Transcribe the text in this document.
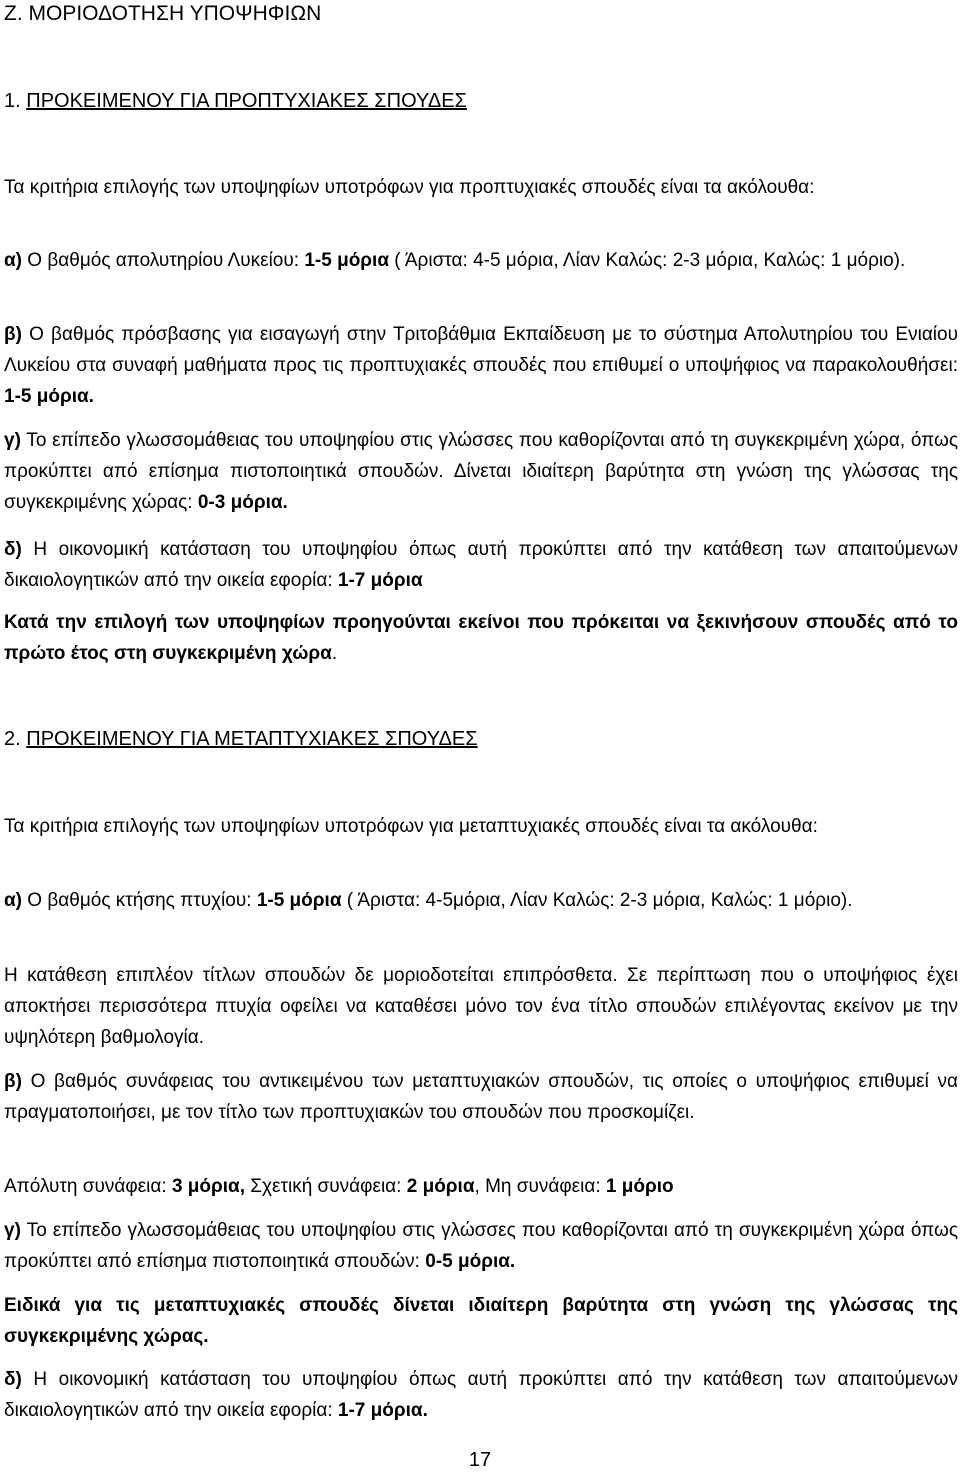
Ζ. ΜΟΡΙΟΔΟΤΗΣΗ ΥΠΟΨΗΦΙΩΝ

1. ΠΡΟΚΕΙΜΕΝΟΥ ΓΙΑ ΠΡΟΠΤΥΧΙΑΚΕΣ ΣΠΟΥΔΕΣ

Τα κριτήρια επιλογής των υποψηφίων υποτρόφων για προπτυχιακές σπουδές είναι τα ακόλουθα:

α) Ο βαθμός απολυτηρίου Λυκείου: 1-5 μόρια ( Άριστα: 4-5 μόρια, Λίαν Καλώς: 2-3 μόρια, Καλώς: 1 μόριο).

β) Ο βαθμός πρόσβασης για εισαγωγή στην Τριτοβάθμια Εκπαίδευση με το σύστημα Απολυτηρίου του Ενιαίου Λυκείου στα συναφή μαθήματα προς τις προπτυχιακές σπουδές που επιθυμεί ο υποψήφιος να παρακολουθήσει: 1-5 μόρια.

γ) Το επίπεδο γλωσσομάθειας του υποψηφίου στις γλώσσες που καθορίζονται από τη συγκεκριμένη χώρα, όπως προκύπτει από επίσημα πιστοποιητικά σπουδών. Δίνεται ιδιαίτερη βαρύτητα στη γνώση της γλώσσας της συγκεκριμένης χώρας: 0-3 μόρια.

δ) Η οικονομική κατάσταση του υποψηφίου όπως αυτή προκύπτει από την κατάθεση των απαιτούμενων δικαιολογητικών από την οικεία εφορία: 1-7 μόρια

Κατά την επιλογή των υποψηφίων προηγούνται εκείνοι που πρόκειται να ξεκινήσουν σπουδές από το πρώτο έτος στη συγκεκριμένη χώρα.

2. ΠΡΟΚΕΙΜΕΝΟΥ ΓΙΑ ΜΕΤΑΠΤΥΧΙΑΚΕΣ ΣΠΟΥΔΕΣ

Τα κριτήρια επιλογής των υποψηφίων υποτρόφων για μεταπτυχιακές σπουδές είναι τα ακόλουθα:

α) Ο βαθμός κτήσης πτυχίου: 1-5 μόρια ( Άριστα: 4-5μόρια, Λίαν Καλώς: 2-3 μόρια, Καλώς: 1 μόριο).

Η κατάθεση επιπλέον τίτλων σπουδών δε μοριοδοτείται επιπρόσθετα. Σε περίπτωση που ο υποψήφιος έχει αποκτήσει περισσότερα πτυχία οφείλει να καταθέσει μόνο τον ένα τίτλο σπουδών επιλέγοντας εκείνον με την υψηλότερη βαθμολογία.

β) Ο βαθμός συνάφειας του αντικειμένου των μεταπτυχιακών σπουδών, τις οποίες ο υποψήφιος επιθυμεί να πραγματοποιήσει, με τον τίτλο των προπτυχιακών του σπουδών που προσκομίζει.

Απόλυτη συνάφεια: 3 μόρια, Σχετική συνάφεια: 2 μόρια, Μη συνάφεια: 1 μόριο

γ) Το επίπεδο γλωσσομάθειας του υποψηφίου στις γλώσσες που καθορίζονται από τη συγκεκριμένη χώρα όπως προκύπτει από επίσημα πιστοποιητικά σπουδών: 0-5 μόρια.

Ειδικά για τις μεταπτυχιακές σπουδές δίνεται ιδιαίτερη βαρύτητα στη γνώση της γλώσσας της συγκεκριμένης χώρας.

δ) Η οικονομική κατάσταση του υποψηφίου όπως αυτή προκύπτει από την κατάθεση των απαιτούμενων δικαιολογητικών από την οικεία εφορία: 1-7 μόρια.

17
